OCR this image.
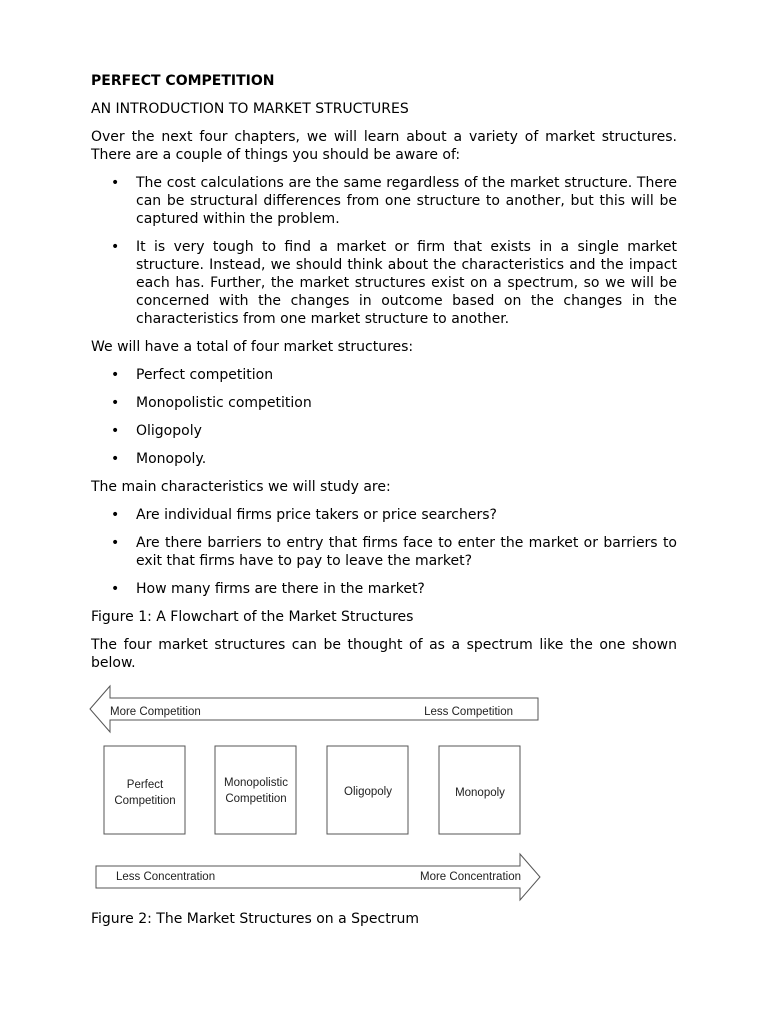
PERFECT COMPETITION

AN INTRODUCTION TO MARKET STRUCTURES

Over the next four chapters, we will learn about a variety of market structures. There are a couple of things you should be aware of:

• The cost calculations are the same regardless of the market structure. There can be structural differences from one structure to another, but this will be captured within the problem.
• It is very tough to find a market or firm that exists in a single market structure. Instead, we should think about the characteristics and the impact each has. Further, the market structures exist on a spectrum, so we will be concerned with the changes in outcome based on the changes in the characteristics from one market structure to another.

We will have a total of four market structures:

• Perfect competition
• Monopolistic competition
• Oligopoly
• Monopoly.

The main characteristics we will study are:

• Are individual firms price takers or price searchers?
• Are there barriers to entry that firms face to enter the market or barriers to exit that firms have to pay to leave the market?
• How many firms are there in the market?

Figure 1: A Flowchart of the Market Structures

The four market structures can be thought of as a spectrum like the one shown below.

More Competition	Less Competition
Perfect
Competition
Monopolistic
Competition
Oligopoly	Monopoly
Less Concentration	More Concentration

Figure 2: The Market Structures on a Spectrum
